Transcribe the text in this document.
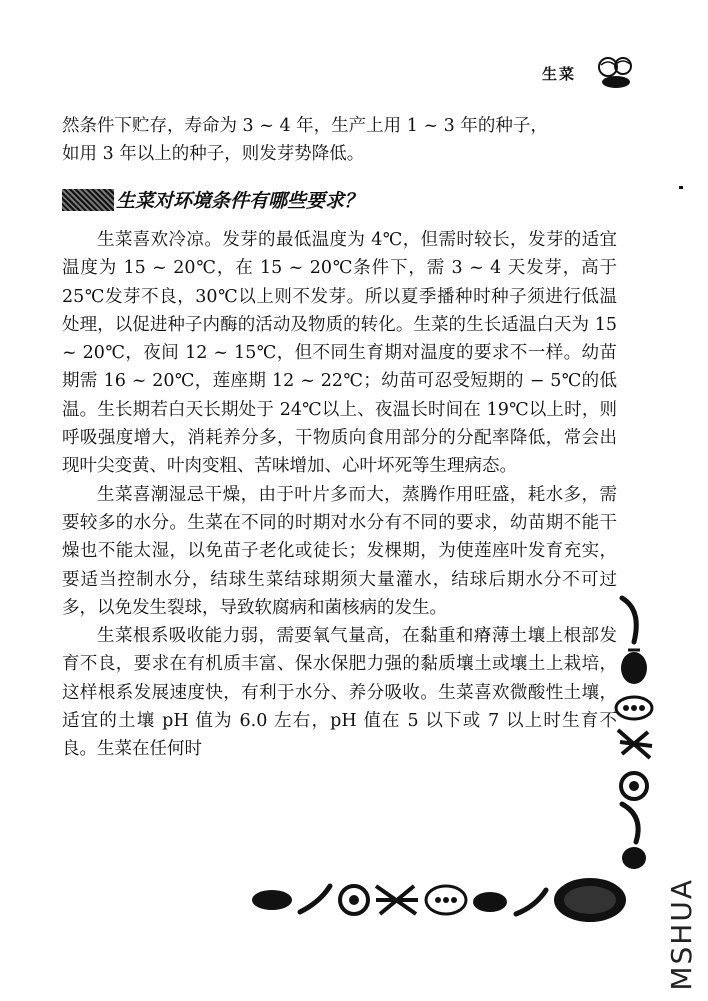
生菜

然条件下贮存，寿命为 3 ~ 4 年，生产上用 1 ~ 3 年的种子，

如用 3 年以上的种子，则发芽势降低。

生菜对环境条件有哪些要求？

生菜喜欢冷凉。发芽的最低温度为 4℃，但需时较长，发芽的适宜温度为 15 ~ 20℃，在 15 ~ 20℃条件下，需 3 ~ 4 天发芽，高于 25℃发芽不良，30℃以上则不发芽。所以夏季播种时种子须进行低温处理，以促进种子内酶的活动及物质的转化。生菜的生长适温白天为 15 ~ 20℃，夜间 12 ~ 15℃，但不同生育期对温度的要求不一样。幼苗期需 16 ~ 20℃，莲座期 12 ~ 22℃；幼苗可忍受短期的 − 5℃的低温。生长期若白天长期处于 24℃以上、夜温长时间在 19℃以上时，则呼吸强度增大，消耗养分多，干物质向食用部分的分配率降低，常会出现叶尖变黄、叶肉变粗、苦味增加、心叶坏死等生理病态。

生菜喜潮湿忌干燥，由于叶片多而大，蒸腾作用旺盛，耗水多，需要较多的水分。生菜在不同的时期对水分有不同的要求，幼苗期不能干燥也不能太湿，以免苗子老化或徒长；发棵期，为使莲座叶发育充实，要适当控制水分，结球生菜结球期须大量灌水，结球后期水分不可过多，以免发生裂球，导致软腐病和菌核病的发生。

生菜根系吸收能力弱，需要氧气量高，在黏重和瘠薄土壤上根部发育不良，要求在有机质丰富、保水保肥力强的黏质壤土或壤土上栽培，这样根系发展速度快，有利于水分、养分吸收。生菜喜欢微酸性土壤，适宜的土壤 pH 值为 6.0 左右，pH 值在 5 以下或 7 以上时生育不良。生菜在任何时

MSHUA
